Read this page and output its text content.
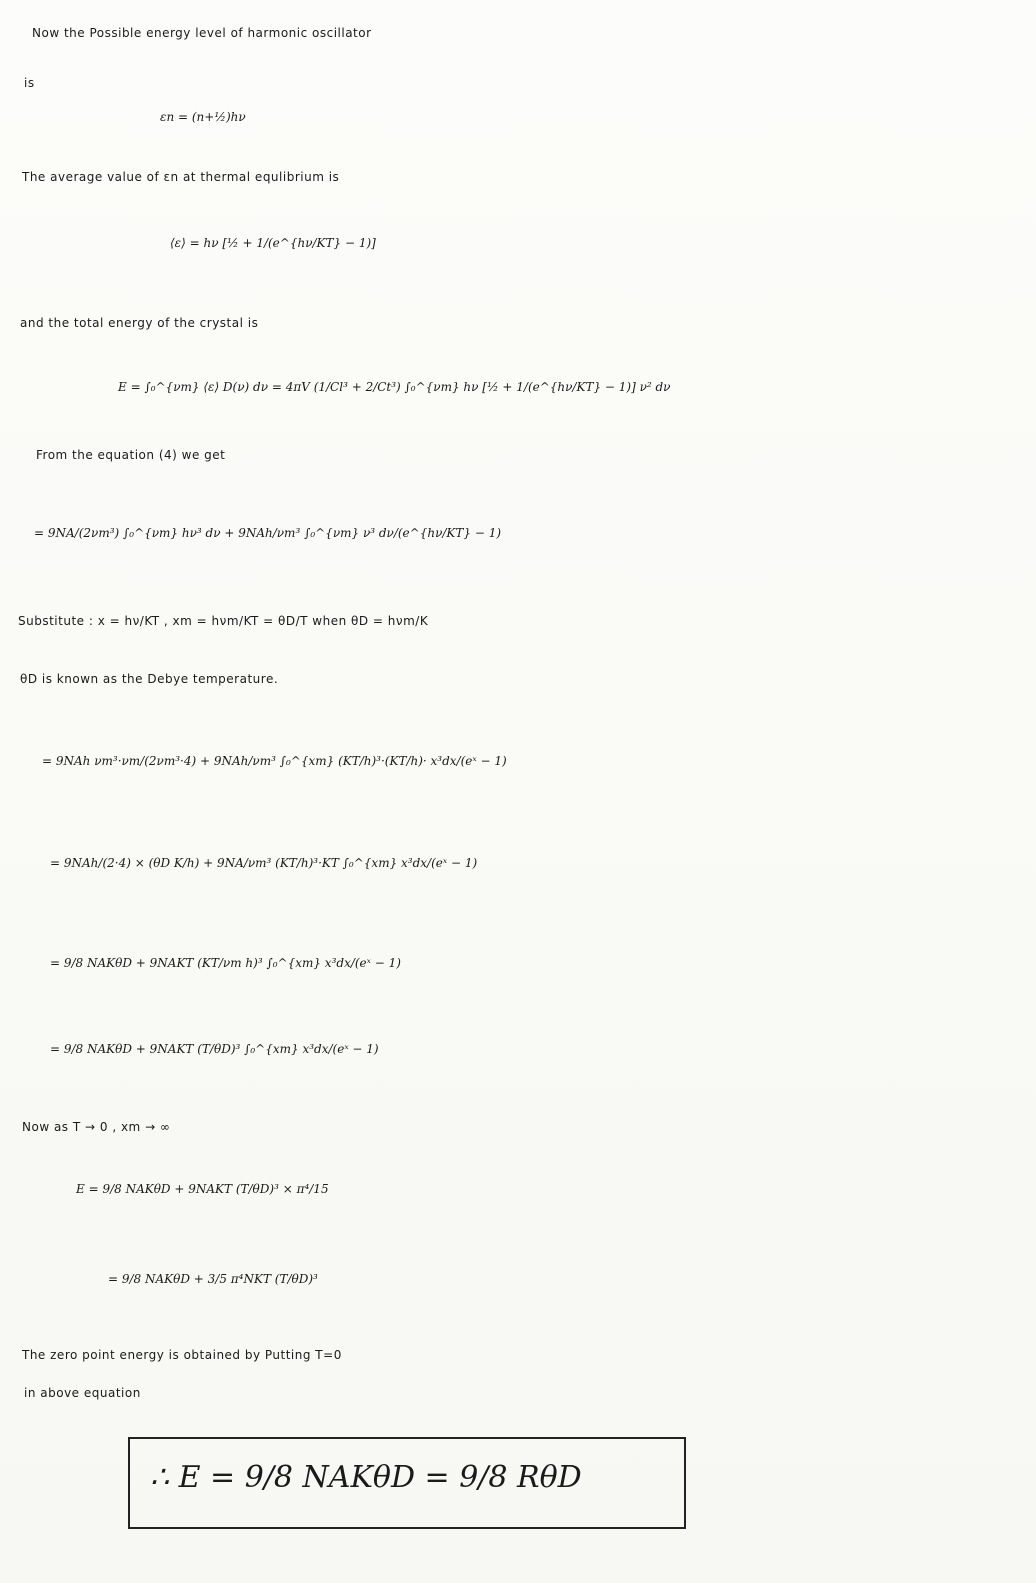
Now the Possible energy level of harmonic oscillator
is
εn = (n+½)hν
The average value of εn at thermal equlibrium is
⟨ε⟩ = hν [½ + 1/(e^{hν/KT} − 1)]
and the total energy of the crystal is
E = ∫₀^{νm} ⟨ε⟩ D(ν) dν = 4πV (1/Cl³ + 2/Ct³) ∫₀^{νm} hν [½ + 1/(e^{hν/KT} − 1)] ν² dν
From the equation (4) we get
= 9NA/(2νm³) ∫₀^{νm} hν³ dν + 9NAh/νm³ ∫₀^{νm} ν³ dν/(e^{hν/KT} − 1)
Substitute : x = hν/KT , xm = hνm/KT = θD/T when θD = hνm/K
θD is known as the Debye temperature.
= 9NAh νm³·νm/(2νm³·4) + 9NAh/νm³ ∫₀^{xm} (KT/h)³·(KT/h)· x³dx/(eˣ − 1)
= 9NAh/(2·4) × (θD K/h) + 9NA/νm³ (KT/h)³·KT ∫₀^{xm} x³dx/(eˣ − 1)
= 9/8 NAKθD + 9NAKT (KT/νm h)³ ∫₀^{xm} x³dx/(eˣ − 1)
= 9/8 NAKθD + 9NAKT (T/θD)³ ∫₀^{xm} x³dx/(eˣ − 1)
Now as T → 0 , xm → ∞
E = 9/8 NAKθD + 9NAKT (T/θD)³ × π⁴/15
= 9/8 NAKθD + 3/5 π⁴NKT (T/θD)³
The zero point energy is obtained by Putting T=0
in above equation
∴ E = 9/8 NAKθD = 9/8 RθD
